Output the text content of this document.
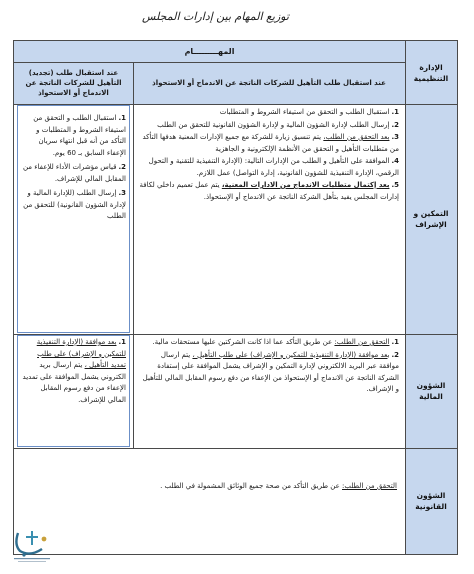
توزيع المهام بين إدارات المجلس
الإدارة التنظيمية
المهـــــــــام
عند استقبال طلب التأهيل للشركات الناتجة عن الاندماج أو الاستحواذ
عند استقبال طلب (تجديد) التأهيل للشركات الناتجة عن الاندماج أو الاستحواذ
التمكين و الإشراف
الشؤون المالية
الشؤون القانونية

1.استقبال الطلب و التحقق من استيفاء الشروط و المتطلبات

2.إرسال الطلب لإدارة الشؤون المالية و لإدارة الشؤون القانونية للتحقق من الطلب

3.بعد التحقق من الطلب، يتم تنسيق زيارة للشركة مع جميع الإدارات المعنية هدفها التأكد من متطلبات التأهيل و التحقق من الأنظمة الإلكترونية و الجاهزية

4.الموافقة على التأهيل و الطلب من الإدارات التالية: (الإدارة التنفيذية للتقنية و التحول الرقمي، الإدارة التنفيذية للشؤون القانونية، إدارة التواصل) عمل اللازم.

5.بعد إكتمال متطلبات الاندماج من الادارات المعنية، يتم عمل تعميم داخلي لكافة إدارات المجلس يفيد بتأهل الشركة الناتجة عن الاندماج أو الإستحواذ.

1.استقبال الطلب و التحقق من استيفاء الشروط و المتطلبات و التأكد من أنه قبل انتهاء سريان الإعفاء السابق بـ 60 يوم.

2.قياس مؤشرات الأداء للإعفاء من المقابل المالي للإشراف.

3.إرسال الطلب (للإدارة المالية و لإدارة الشؤون القانونية) للتحقق من الطلب

1.التحقق من الطلب: عن طريق التأكد عما اذا كانت الشركتين عليها مستحقات مالية.

2.بعد موافقة (الإدارة التنفيذية للتمكين و الإشراف) على طلب التأهيل ، يتم ارسال موافقة عبر البريد الالكتروني لإدارة التمكين و الإشراف يشمل الموافقة على إستفادة الشركة الناتجة عن الاندماج أو الإستحواذ من الإعفاء من دفع رسوم المقابل المالي للتأهيل و الإشراف.

1.بعد موافقة (الإدارة التنفيذية للتمكين و الإشراف) على طلب تمديد التأهيل ، يتم ارسال بريد الكتروني يشمل الموافقة على تمديد الإعفاء من دفع رسوم المقابل المالي للإشراف.

التحقق من الطلب: عن طريق التأكد من صحة جميع الوثائق المشمولة في الطلب .
